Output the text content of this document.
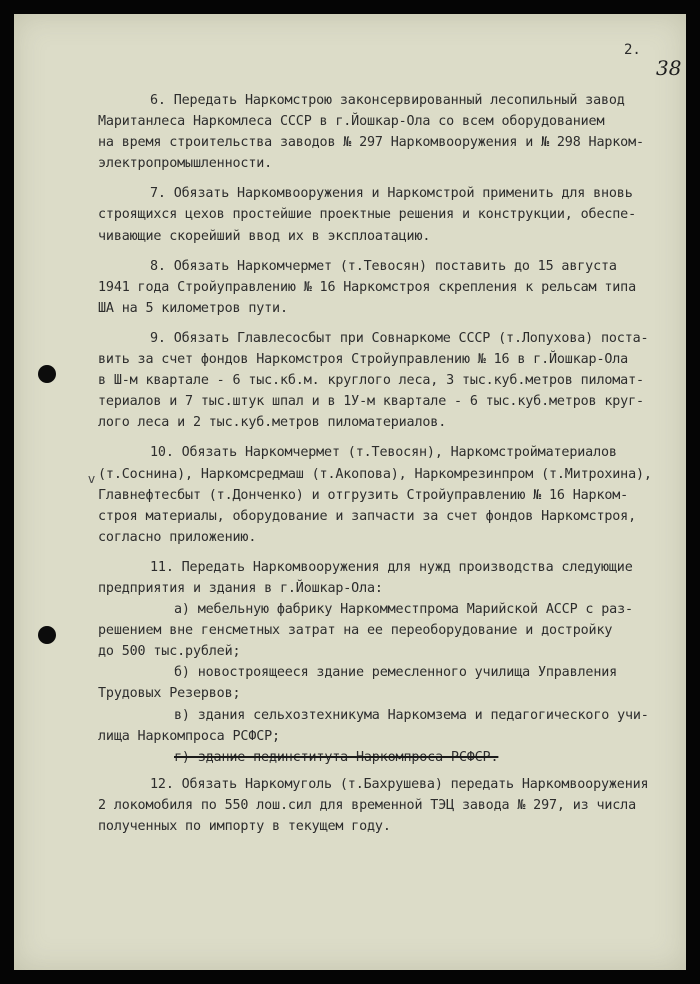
2.
38
v
6. Передать Наркомстрою законсервированный лесопильный завод
Маританлеса Наркомлеса СССР в г.Йошкар-Ола со всем оборудованием
на время строительства заводов № 297 Наркомвооружения и № 298 Нарком-
электропромышленности.
7. Обязать Наркомвооружения и Наркомстрой применить для вновь
строящихся цехов простейшие проектные решения и конструкции, обеспе-
чивающие скорейший ввод их в эксплоатацию.
8. Обязать Наркомчермет (т.Тевосян) поставить до 15 августа
1941 года Стройуправлению № 16 Наркомстроя скрепления к рельсам типа
ША на 5 километров пути.
9. Обязать Главлесосбыт при Совнаркоме СССР (т.Лопухова) поста-
вить за счет фондов Наркомстроя Стройуправлению № 16 в г.Йошкар-Ола
в Ш-м квартале - 6 тыс.кб.м. круглого леса, 3 тыс.куб.метров пиломат-
териалов и 7 тыс.штук шпал и в 1У-м квартале - 6 тыс.куб.метров круг-
лого леса и 2 тыс.куб.метров пиломатериалов.
10. Обязать Наркомчермет (т.Тевосян), Наркомстройматериалов
(т.Соснина), Наркомсредмаш (т.Акопова), Наркомрезинпром (т.Митрохина),
Главнефтесбыт (т.Донченко) и отгрузить Стройуправлению № 16 Нарком-
строя материалы, оборудование и запчасти за счет фондов Наркомстроя,
согласно приложению.
11. Передать Наркомвооружения для нужд производства следующие
предприятия и здания в г.Йошкар-Ола:
а) мебельную фабрику Наркомместпрома Марийской АССР с раз-
решением вне генсметных затрат на ее переоборудование и достройку
до 500 тыс.рублей;
б) новостроящееся здание ремесленного училища Управления
Трудовых Резервов;
в) здания сельхозтехникума Наркомзема и педагогического учи-
лища Наркомпроса РСФСР;
г) здание пединститута Наркомпроса РСФСР.
12. Обязать Наркомуголь (т.Бахрушева) передать Наркомвооружения
2 локомобиля по 550 лош.сил для временной ТЭЦ завода № 297, из числа
полученных по импорту в текущем году.
